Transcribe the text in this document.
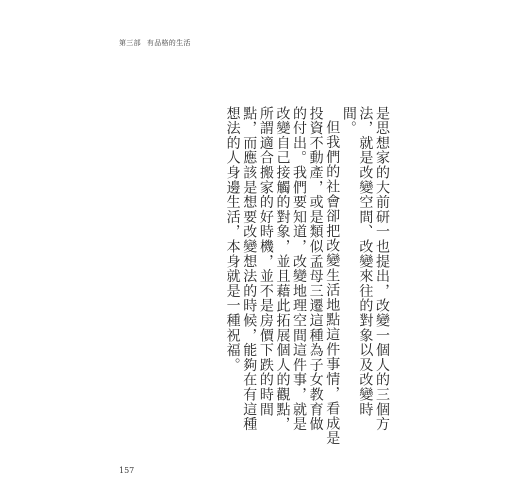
第三部 有品格的生活

是思想家的大前研一也提出，改變一個人的三個方法，就是改變空間、改變來往的對象以及改變時間。

但我們的社會卻把改變生活地點這件事情，看成是投資不動產，或是類似孟母三遷這種為子女教育做的付出。我們要知道，改變地理空間這件事，就是改變自己接觸的對象，並且藉此拓展個人的觀點，所謂適合搬家的好時機，並不是房價下跌的時間點，而應該是想要改變想法的時候，能夠在有這種想法的人身邊生活，本身就是一種祝福。

157
